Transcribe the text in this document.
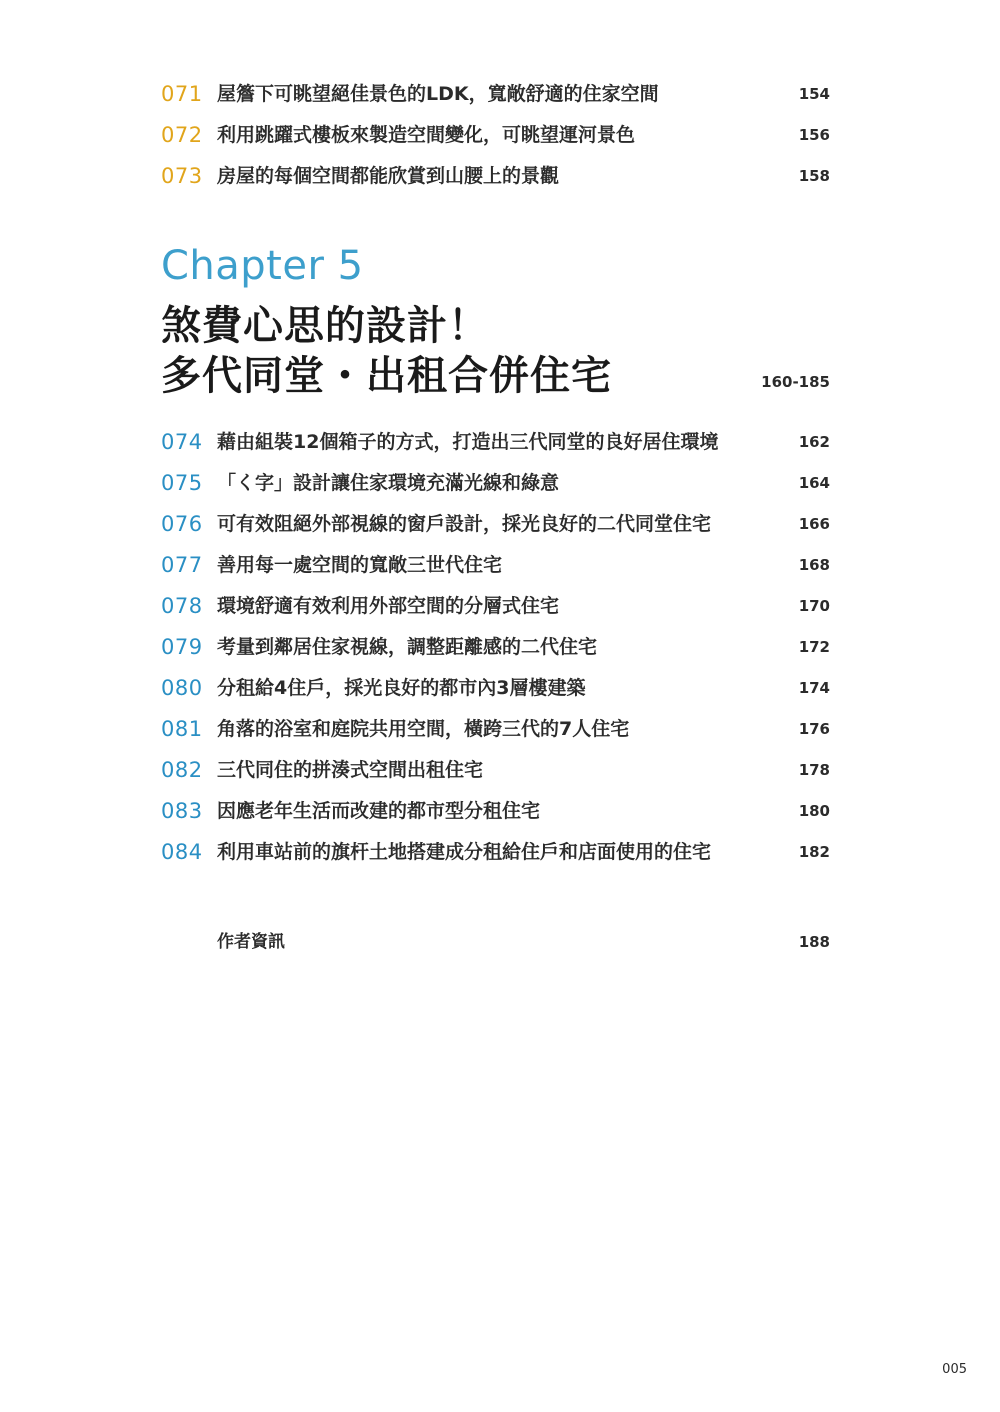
071 屋簷下可眺望絕佳景色的LDK，寬敞舒適的住家空間	154
072 利用跳躍式樓板來製造空間變化，可眺望運河景色	156
073 房屋的每個空間都能欣賞到山腰上的景觀	158
Chapter 5
煞費心思的設計！
多代同堂・出租合併住宅	160-185
074 藉由組裝12個箱子的方式，打造出三代同堂的良好居住環境	162
075 「く字」設計讓住家環境充滿光線和綠意	164
076 可有效阻絕外部視線的窗戶設計，採光良好的二代同堂住宅	166
077 善用每一處空間的寬敞三世代住宅	168
078 環境舒適有效利用外部空間的分層式住宅	170
079 考量到鄰居住家視線，調整距離感的二代住宅	172
080 分租給4住戶，採光良好的都市內3層樓建築	174
081 角落的浴室和庭院共用空間，橫跨三代的7人住宅	176
082 三代同住的拼湊式空間出租住宅	178
083 因應老年生活而改建的都市型分租住宅	180
084 利用車站前的旗杆土地搭建成分租給住戶和店面使用的住宅	182
作者資訊	188
005
